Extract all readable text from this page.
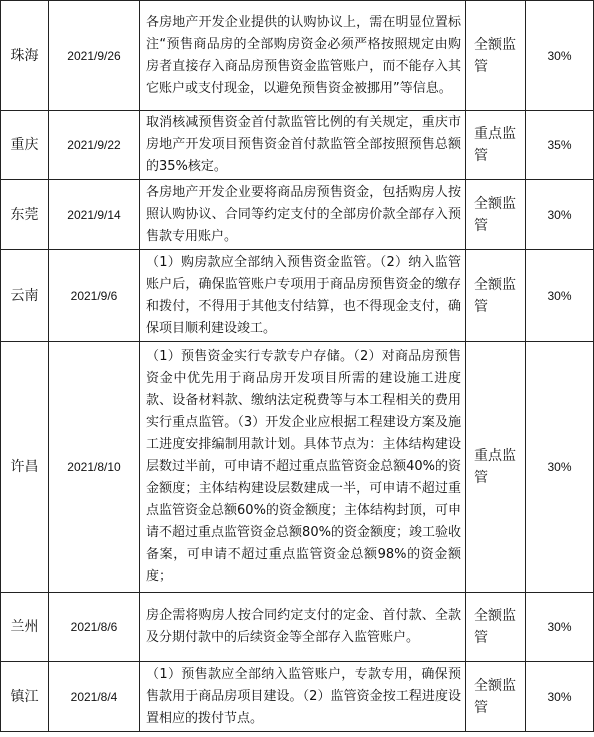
珠海	2021/9/26	各房地产开发企业提供的认购协议上，需在明显位置标注“预售商品房的全部购房资金必须严格按照规定由购房者直接存入商品房预售资金监管账户，而不能存入其它账户或支付现金，以避免预售资金被挪用”等信息。	全额监管	30%
重庆	2021/9/22	取消核减预售资金首付款监管比例的有关规定，重庆市房地产开发项目预售资金首付款监管全部按照预售总额的35%核定。	重点监管	35%
东莞	2021/9/14	各房地产开发企业要将商品房预售资金，包括购房人按照认购协议、合同等约定支付的全部房价款全部存入预售款专用账户。	全额监管	30%
云南	2021/9/6	（1）购房款应全部纳入预售资金监管。（2）纳入监管账户后，确保监管账户专项用于商品房预售资金的缴存和拨付，不得用于其他支付结算，也不得现金支付，确保项目顺利建设竣工。	全额监管	30%
许昌	2021/8/10	（1）预售资金实行专款专户存储。（2）对商品房预售资金中优先用于商品房开发项目所需的建设施工进度款、设备材料款、缴纳法定税费等与本工程相关的费用实行重点监管。（3）开发企业应根据工程建设方案及施工进度安排编制用款计划。具体节点为：主体结构建设层数过半前，可申请不超过重点监管资金总额40%的资金额度；主体结构建设层数建成一半，可申请不超过重点监管资金总额60%的资金额度；主体结构封顶，可申请不超过重点监管资金总额80%的资金额度；竣工验收备案，可申请不超过重点监管资金总额98%的资金额度；	重点监管	30%
兰州	2021/8/6	房企需将购房人按合同约定支付的定金、首付款、全款及分期付款中的后续资金等全部存入监管账户。	全额监管	30%
镇江	2021/8/4	（1）预售款应全部纳入监管账户，专款专用，确保预售款用于商品房项目建设。（2）监管资金按工程进度设置相应的拨付节点。	全额监管	30%
